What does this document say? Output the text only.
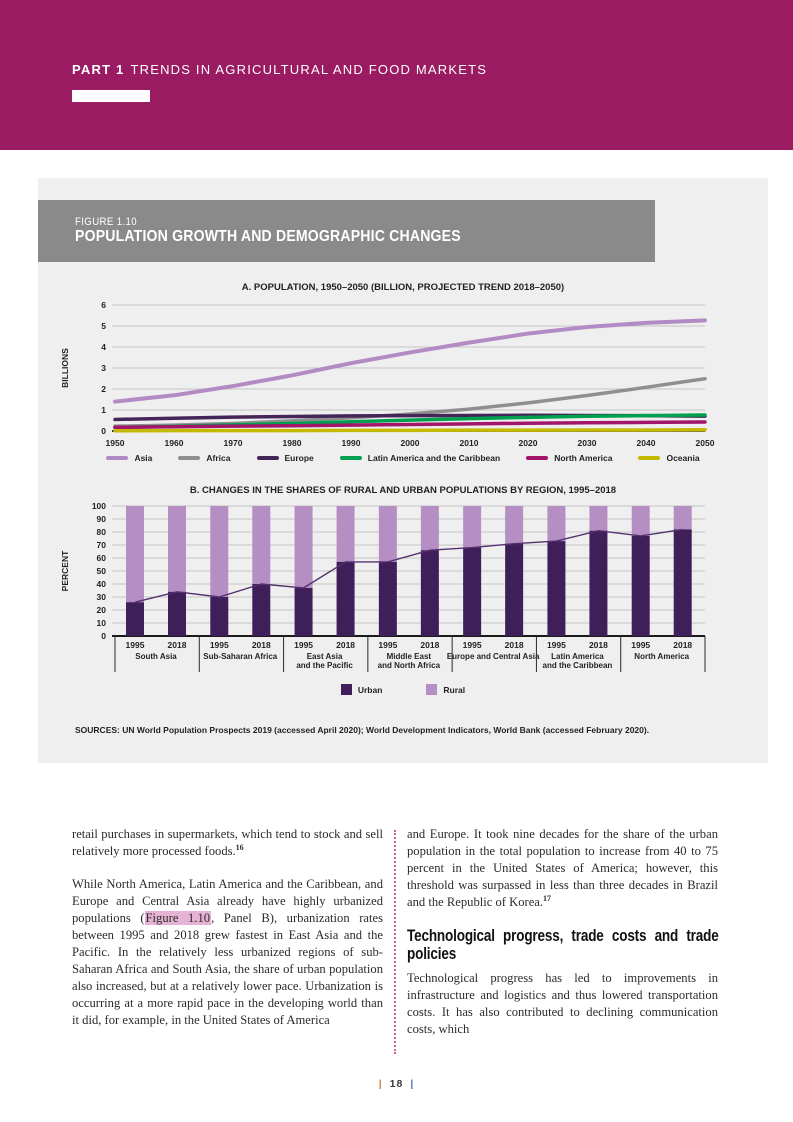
PART 1 TRENDS IN AGRICULTURAL AND FOOD MARKETS
FIGURE 1.10
POPULATION GROWTH AND DEMOGRAPHIC CHANGES
A. POPULATION, 1950–2050 (BILLION, PROJECTED TREND 2018–2050)
0
1
2
3
4
5
6
BILLIONS
1950	1960	1970	1980	1990	2000	2010	2020	2030	2040	2050
Asia	Africa	Europe	Latin America and the Caribbean	North America	Oceania
B. CHANGES IN THE SHARES OF RURAL AND URBAN POPULATIONS BY REGION, 1995–2018
0
10
20
30
40
50
60
70
80
90
100
PERCENT
1995	2018
South Asia
1995	2018
Sub-Saharan Africa
1995	2018
East Asia
and the Pacific
1995	2018
Middle East
and North Africa
1995	2018
Europe and Central Asia
1995	2018
Latin America
and the Caribbean
1995	2018
North America
Urban	Rural
SOURCES: UN World Population Prospects 2019 (accessed April 2020); World Development Indicators, World Bank (accessed February 2020).

retail purchases in supermarkets, which tend to stock and sell relatively more processed foods.$^{16}$

While North America, Latin America and the Caribbean, and Europe and Central Asia already have highly urbanized populations (Figure 1.10, Panel B), urbanization rates between 1995 and 2018 grew fastest in East Asia and the Pacific. In the relatively less urbanized regions of sub-Saharan Africa and South Asia, the share of urban population also increased, but at a relatively lower pace. Urbanization is occurring at a more rapid pace in the developing world than it did, for example, in the United States of America

and Europe. It took nine decades for the share of the urban population in the total population to increase from 40 to 75 percent in the United States of America; however, this threshold was surpassed in less than three decades in Brazil and the Republic of Korea.$^{17}$

Technological progress, trade costs and trade policies

Technological progress has led to improvements in infrastructure and logistics and thus lowered transportation costs. It has also contributed to declining communication costs, which

| 18 |
